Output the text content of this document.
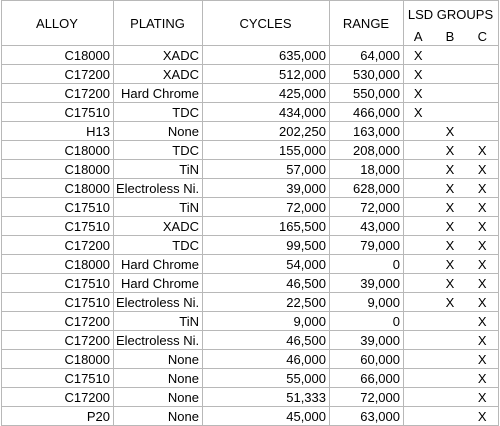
ALLOY	PLATING	CYCLES	RANGE	LSD GROUPS		
				A	B	C
C18000	XADC	635,000	64,000	X		
C17200	XADC	512,000	530,000	X		
C17200	Hard Chrome	425,000	550,000	X		
C17510	TDC	434,000	466,000	X		
H13	None	202,250	163,000		X	
C18000	TDC	155,000	208,000		X	X
C18000	TiN	57,000	18,000		X	X
C18000	Electroless Ni.	39,000	628,000		X	X
C17510	TiN	72,000	72,000		X	X
C17510	XADC	165,500	43,000		X	X
C17200	TDC	99,500	79,000		X	X
C18000	Hard Chrome	54,000	0		X	X
C17510	Hard Chrome	46,500	39,000		X	X
C17510	Electroless Ni.	22,500	9,000		X	X
C17200	TiN	9,000	0			X
C17200	Electroless Ni.	46,500	39,000			X
C18000	None	46,000	60,000			X
C17510	None	55,000	66,000			X
C17200	None	51,333	72,000			X
P20	None	45,000	63,000			X
